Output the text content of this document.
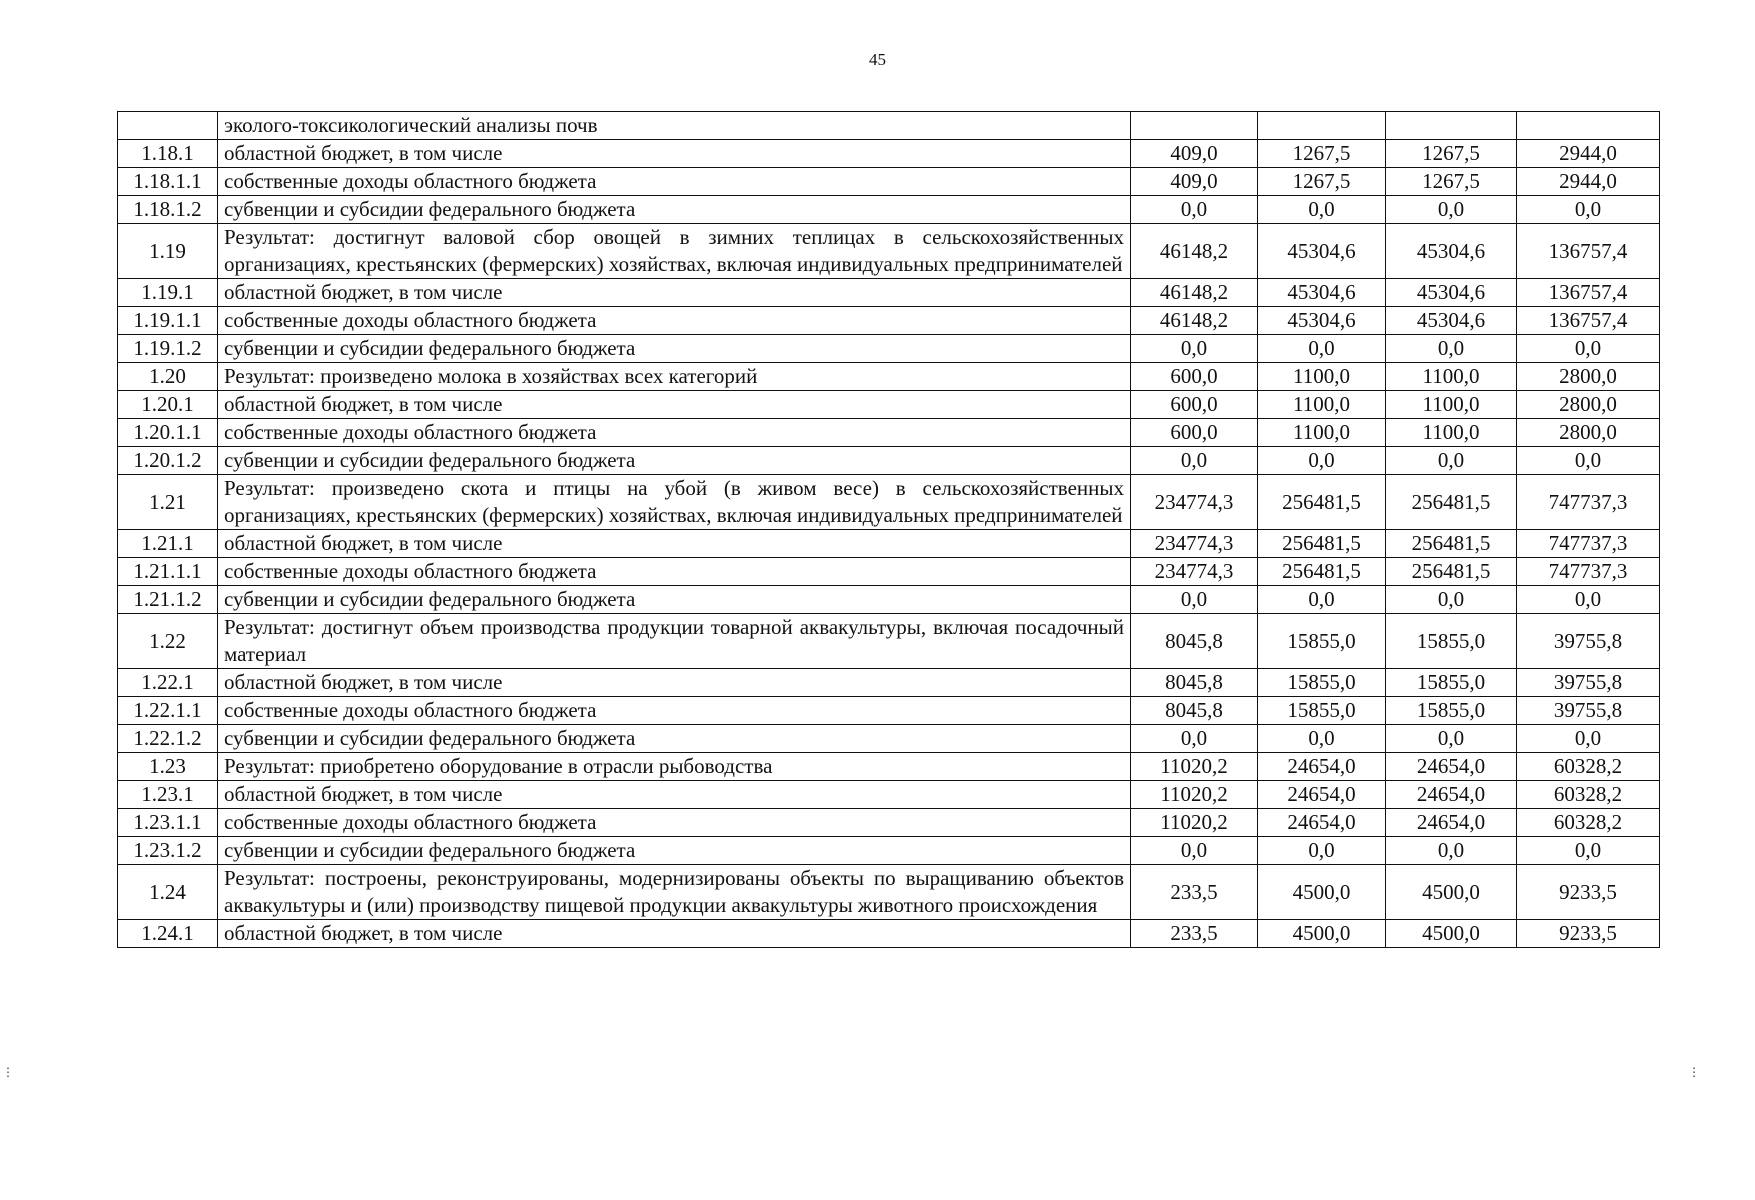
45
	эколого-токсикологический анализы почв				
1.18.1	областной бюджет, в том числе	409,0	1267,5	1267,5	2944,0
1.18.1.1	собственные доходы областного бюджета	409,0	1267,5	1267,5	2944,0
1.18.1.2	субвенции и субсидии федерального бюджета	0,0	0,0	0,0	0,0
1.19	Результат: достигнут валовой сбор овощей в зимних теплицах в сельскохозяйственных организациях, крестьянских (фермерских) хозяйствах, включая индивидуальных предпринимателей	46148,2	45304,6	45304,6	136757,4
1.19.1	областной бюджет, в том числе	46148,2	45304,6	45304,6	136757,4
1.19.1.1	собственные доходы областного бюджета	46148,2	45304,6	45304,6	136757,4
1.19.1.2	субвенции и субсидии федерального бюджета	0,0	0,0	0,0	0,0
1.20	Результат: произведено молока в хозяйствах всех категорий	600,0	1100,0	1100,0	2800,0
1.20.1	областной бюджет, в том числе	600,0	1100,0	1100,0	2800,0
1.20.1.1	собственные доходы областного бюджета	600,0	1100,0	1100,0	2800,0
1.20.1.2	субвенции и субсидии федерального бюджета	0,0	0,0	0,0	0,0
1.21	Результат: произведено скота и птицы на убой (в живом весе) в сельскохозяйственных организациях, крестьянских (фермерских) хозяйствах, включая индивидуальных предпринимателей	234774,3	256481,5	256481,5	747737,3
1.21.1	областной бюджет, в том числе	234774,3	256481,5	256481,5	747737,3
1.21.1.1	собственные доходы областного бюджета	234774,3	256481,5	256481,5	747737,3
1.21.1.2	субвенции и субсидии федерального бюджета	0,0	0,0	0,0	0,0
1.22	Результат: достигнут объем производства продукции товарной аквакультуры, включая посадочный материал	8045,8	15855,0	15855,0	39755,8
1.22.1	областной бюджет, в том числе	8045,8	15855,0	15855,0	39755,8
1.22.1.1	собственные доходы областного бюджета	8045,8	15855,0	15855,0	39755,8
1.22.1.2	субвенции и субсидии федерального бюджета	0,0	0,0	0,0	0,0
1.23	Результат: приобретено оборудование в отрасли рыбоводства	11020,2	24654,0	24654,0	60328,2
1.23.1	областной бюджет, в том числе	11020,2	24654,0	24654,0	60328,2
1.23.1.1	собственные доходы областного бюджета	11020,2	24654,0	24654,0	60328,2
1.23.1.2	субвенции и субсидии федерального бюджета	0,0	0,0	0,0	0,0
1.24	Результат: построены, реконструированы, модернизированы объекты по выращиванию объектов аквакультуры и (или) производству пищевой продукции аквакультуры животного происхождения	233,5	4500,0	4500,0	9233,5
1.24.1	областной бюджет, в том числе	233,5	4500,0	4500,0	9233,5
⋮
⋮
